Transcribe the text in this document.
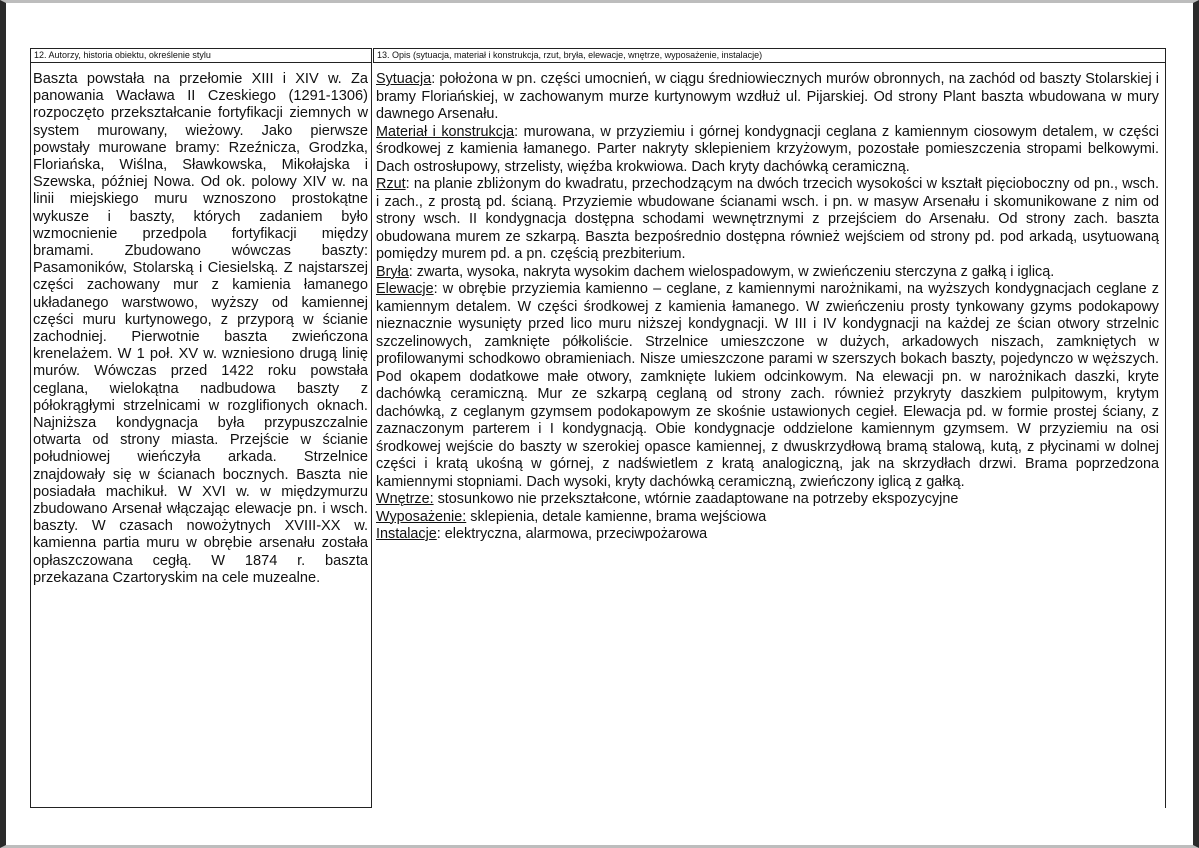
12. Autorzy, historia obiektu, określenie stylu
Baszta powstała na przełomie XIII i XIV w. Za panowania Wacława II Czeskiego (1291-1306) rozpoczęto przekształcanie fortyfikacji ziemnych w system murowany, wieżowy. Jako pierwsze powstały murowane bramy: Rzeźnicza, Grodzka, Floriańska, Wiślna, Sławkowska, Mikołajska i Szewska, później Nowa. Od ok. polowy XIV w. na linii miejskiego muru wznoszono prostokątne wykusze i baszty, których zadaniem było wzmocnienie przedpola fortyfikacji między bramami. Zbudowano wówczas baszty: Pasamoników, Stolarską i Ciesielską. Z najstarszej części zachowany mur z kamienia łamanego układanego warstwowo, wyższy od kamiennej części muru kurtynowego, z przyporą w ścianie zachodniej. Pierwotnie baszta zwieńczona krenelażem. W 1 poł. XV w. wzniesiono drugą linię murów. Wówczas przed 1422 roku powstała ceglana, wielokątna nadbudowa baszty z półokrągłymi strzelnicami w rozglifionych oknach. Najniższa kondygnacja była przypuszczalnie otwarta od strony miasta. Przejście w ścianie południowej wieńczyła arkada. Strzelnice znajdowały się w ścianach bocznych. Baszta nie posiadała machikuł. W XVI w. w międzymurzu zbudowano Arsenał włączając elewacje pn. i wsch. baszty. W czasach nowożytnych XVIII-XX w. kamienna partia muru w obrębie arsenału została opłaszczowana cegłą. W 1874 r. baszta przekazana Czartoryskim na cele muzealne.
13. Opis (sytuacja, materiał i konstrukcja, rzut, bryła, elewacje, wnętrze, wyposażenie, instalacje)

Sytuacja: położona w pn. części umocnień, w ciągu średniowiecznych murów obronnych, na zachód od baszty Stolarskiej i bramy Floriańskiej, w zachowanym murze kurtynowym wzdłuż ul. Pijarskiej. Od strony Plant baszta wbudowana w mury dawnego Arsenału.

Materiał i konstrukcja: murowana, w przyziemiu i górnej kondygnacji ceglana z kamiennym ciosowym detalem, w części środkowej z kamienia łamanego. Parter nakryty sklepieniem krzyżowym, pozostałe pomieszczenia stropami belkowymi. Dach ostrosłupowy, strzelisty, więźba krokwiowa. Dach kryty dachówką ceramiczną.

Rzut: na planie zbliżonym do kwadratu, przechodzącym na dwóch trzecich wysokości w kształt pięcioboczny od pn., wsch. i zach., z prostą pd. ścianą. Przyziemie wbudowane ścianami wsch. i pn. w masyw Arsenału i skomunikowane z nim od strony wsch. II kondygnacja dostępna schodami wewnętrznymi z przejściem do Arsenału. Od strony zach. baszta obudowana murem ze szkarpą. Baszta bezpośrednio dostępna również wejściem od strony pd. pod arkadą, usytuowaną pomiędzy murem pd. a pn. częścią prezbiterium.

Bryła: zwarta, wysoka, nakryta wysokim dachem wielospadowym, w zwieńczeniu sterczyna z gałką i iglicą.

Elewacje: w obrębie przyziemia kamienno – ceglane, z kamiennymi narożnikami, na wyższych kondygnacjach ceglane z kamiennym detalem. W części środkowej z kamienia łamanego. W zwieńczeniu prosty tynkowany gzyms podokapowy nieznacznie wysunięty przed lico muru niższej kondygnacji. W III i IV kondygnacji na każdej ze ścian otwory strzelnic szczelinowych, zamknięte półkoliście. Strzelnice umieszczone w dużych, arkadowych niszach, zamkniętych w profilowanymi schodkowo obramieniach. Nisze umieszczone parami w szerszych bokach baszty, pojedynczo w węższych. Pod okapem dodatkowe małe otwory, zamknięte lukiem odcinkowym. Na elewacji pn. w narożnikach daszki, kryte dachówką ceramiczną. Mur ze szkarpą ceglaną od strony zach. również przykryty daszkiem pulpitowym, krytym dachówką, z ceglanym gzymsem podokapowym ze skośnie ustawionych cegieł. Elewacja pd. w formie prostej ściany, z zaznaczonym parterem i I kondygnacją. Obie kondygnacje oddzielone kamiennym gzymsem. W przyziemiu na osi środkowej wejście do baszty w szerokiej opasce kamiennej, z dwuskrzydłową bramą stalową, kutą, z płycinami w dolnej części i kratą ukośną w górnej, z nadświetlem z kratą analogiczną, jak na skrzydłach drzwi. Brama poprzedzona kamiennymi stopniami. Dach wysoki, kryty dachówką ceramiczną, zwieńczony iglicą z gałką.

Wnętrze: stosunkowo nie przekształcone, wtórnie zaadaptowane na potrzeby ekspozycyjne

Wyposażenie: sklepienia, detale kamienne, brama wejściowa

Instalacje: elektryczna, alarmowa, przeciwpożarowa
